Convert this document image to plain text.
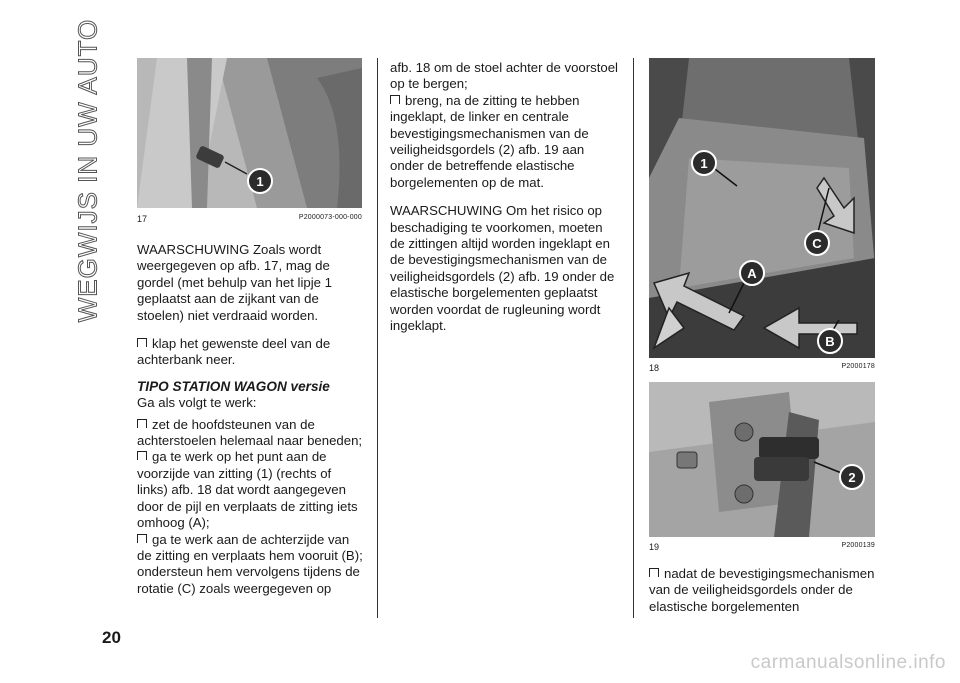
WEGWIJS IN UW AUTO	1
17	P2000073-000-000

WAARSCHUWING Zoals wordt weergegeven op afb. 17, mag de gordel (met behulp van het lipje 1 geplaatst aan de zijkant van de stoelen) niet verdraaid worden.

klap het gewenste deel van de achterbank neer.

TIPO STATION WAGON versie

Ga als volgt te werk:

zet de hoofdsteunen van de achterstoelen helemaal naar beneden;

ga te werk op het punt aan de voorzijde van zitting (1) (rechts of links) afb. 18 dat wordt aangegeven door de pijl en verplaats de zitting iets omhoog (A);

ga te werk aan de achterzijde van de zitting en verplaats hem vooruit (B); ondersteun hem vervolgens tijdens de rotatie (C) zoals weergegeven op

afb. 18 om de stoel achter de voorstoel op te bergen;

breng, na de zitting te hebben ingeklapt, de linker en centrale bevestigingsmechanismen van de veiligheidsgordels (2) afb. 19 aan onder de betreffende elastische borgelementen op de mat.

WAARSCHUWING Om het risico op beschadiging te voorkomen, moeten de zittingen altijd worden ingeklapt en de bevestigingsmechanismen van de veiligheidsgordels (2) afb. 19 onder de elastische borgelementen geplaatst worden voordat de rugleuning wordt ingeklapt.

1
C
A
B
18	P2000178
2
19	P2000139

nadat de bevestigingsmechanismen van de veiligheidsgordels onder de elastische borgelementen

20
carmanualsonline.info
